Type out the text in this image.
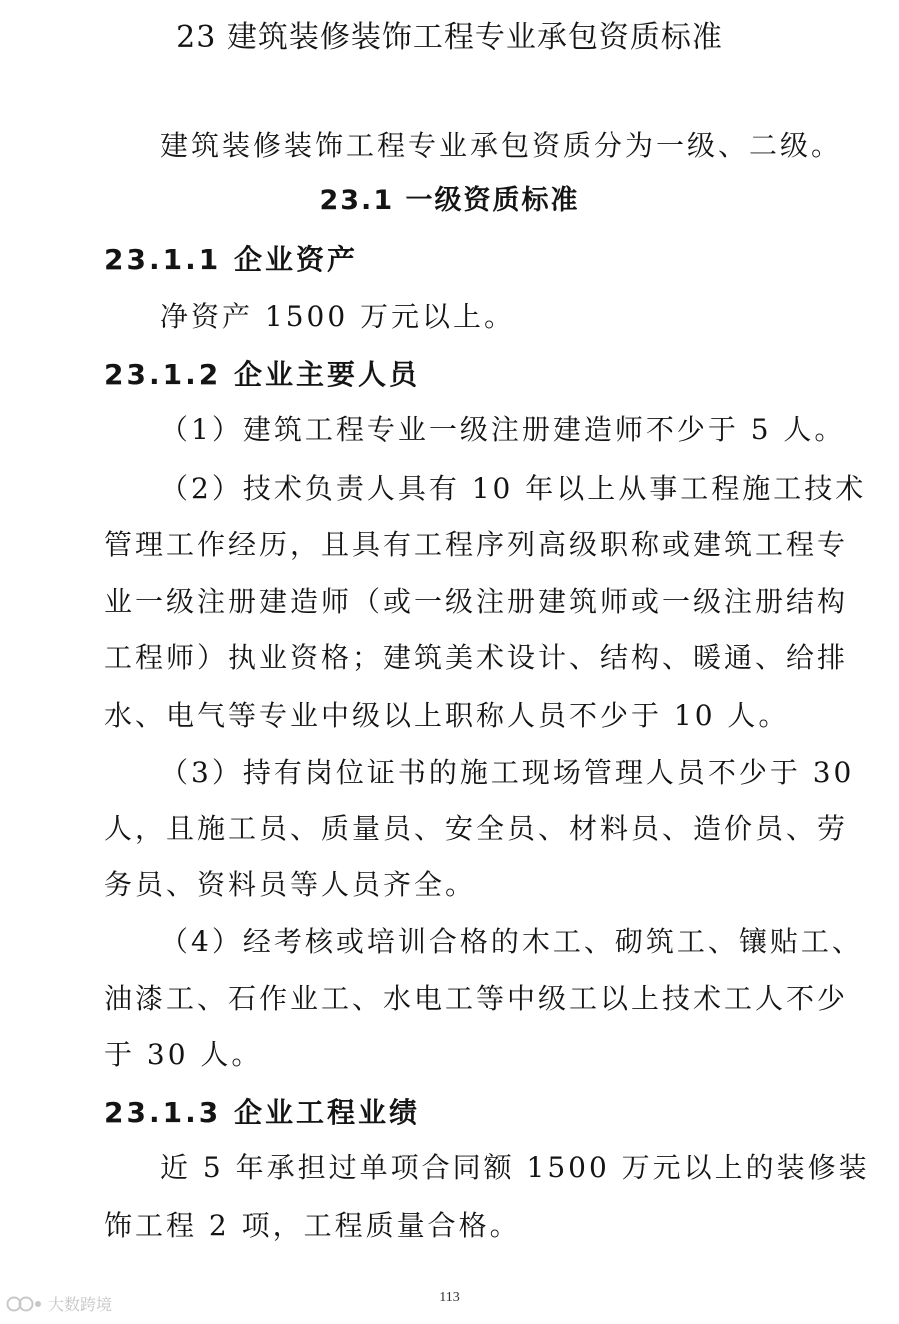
23 建筑装修装饰工程专业承包资质标准
建筑装修装饰工程专业承包资质分为一级、二级。
23.1 一级资质标准
23.1.1 企业资产
净资产 1500 万元以上。
23.1.2 企业主要人员
（1）建筑工程专业一级注册建造师不少于 5 人。
（2）技术负责人具有 10 年以上从事工程施工技术
管理工作经历，且具有工程序列高级职称或建筑工程专
业一级注册建造师（或一级注册建筑师或一级注册结构
工程师）执业资格；建筑美术设计、结构、暖通、给排
水、电气等专业中级以上职称人员不少于 10 人。
（3）持有岗位证书的施工现场管理人员不少于 30
人，且施工员、质量员、安全员、材料员、造价员、劳
务员、资料员等人员齐全。
（4）经考核或培训合格的木工、砌筑工、镶贴工、
油漆工、石作业工、水电工等中级工以上技术工人不少
于 30 人。
23.1.3 企业工程业绩
近 5 年承担过单项合同额 1500 万元以上的装修装
饰工程 2 项，工程质量合格。
113
大数跨境
